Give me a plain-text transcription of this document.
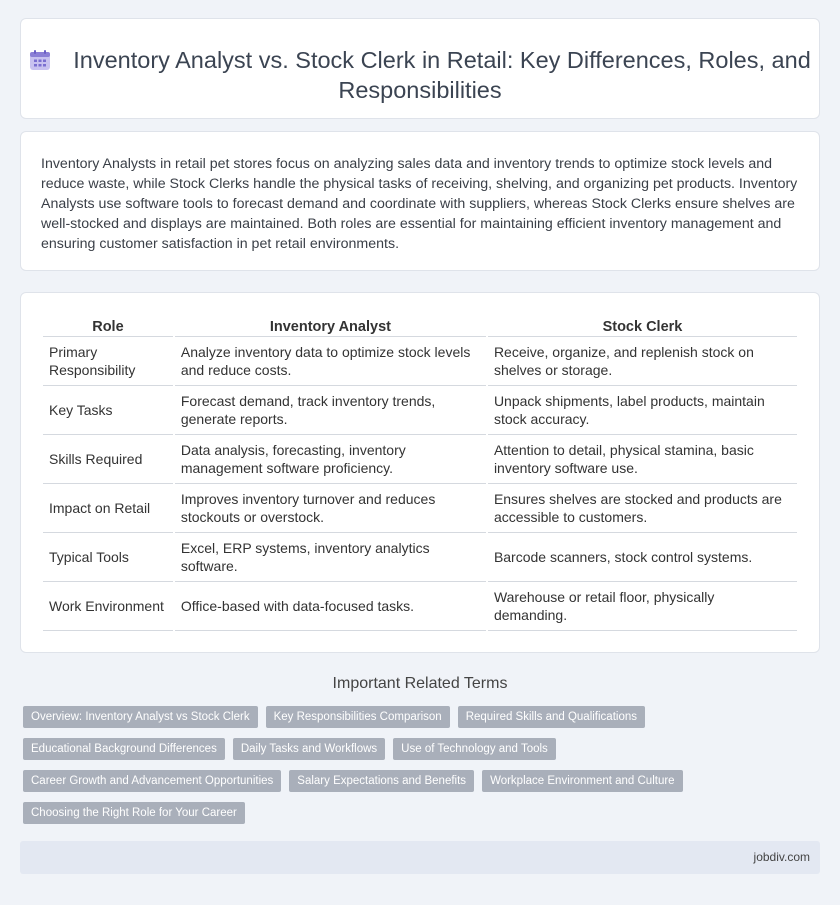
Inventory Analyst vs. Stock Clerk in Retail: Key Differences, Roles, and Responsibilities

Inventory Analysts in retail pet stores focus on analyzing sales data and inventory trends to optimize stock levels and reduce waste, while Stock Clerks handle the physical tasks of receiving, shelving, and organizing pet products. Inventory Analysts use software tools to forecast demand and coordinate with suppliers, whereas Stock Clerks ensure shelves are well-stocked and displays are maintained. Both roles are essential for maintaining efficient inventory management and ensuring customer satisfaction in pet retail environments.

Role	Inventory Analyst	Stock Clerk
Primary Responsibility	Analyze inventory data to optimize stock levels and reduce costs.	Receive, organize, and replenish stock on shelves or storage.
Key Tasks	Forecast demand, track inventory trends, generate reports.	Unpack shipments, label products, maintain stock accuracy.
Skills Required	Data analysis, forecasting, inventory management software proficiency.	Attention to detail, physical stamina, basic inventory software use.
Impact on Retail	Improves inventory turnover and reduces stockouts or overstock.	Ensures shelves are stocked and products are accessible to customers.
Typical Tools	Excel, ERP systems, inventory analytics software.	Barcode scanners, stock control systems.
Work Environment	Office-based with data-focused tasks.	Warehouse or retail floor, physically demanding.
Important Related Terms
Overview: Inventory Analyst vs Stock Clerk	Key Responsibilities Comparison	Required Skills and Qualifications
Educational Background Differences	Daily Tasks and Workflows	Use of Technology and Tools
Career Growth and Advancement Opportunities	Salary Expectations and Benefits	Workplace Environment and Culture
Choosing the Right Role for Your Career
jobdiv.com
